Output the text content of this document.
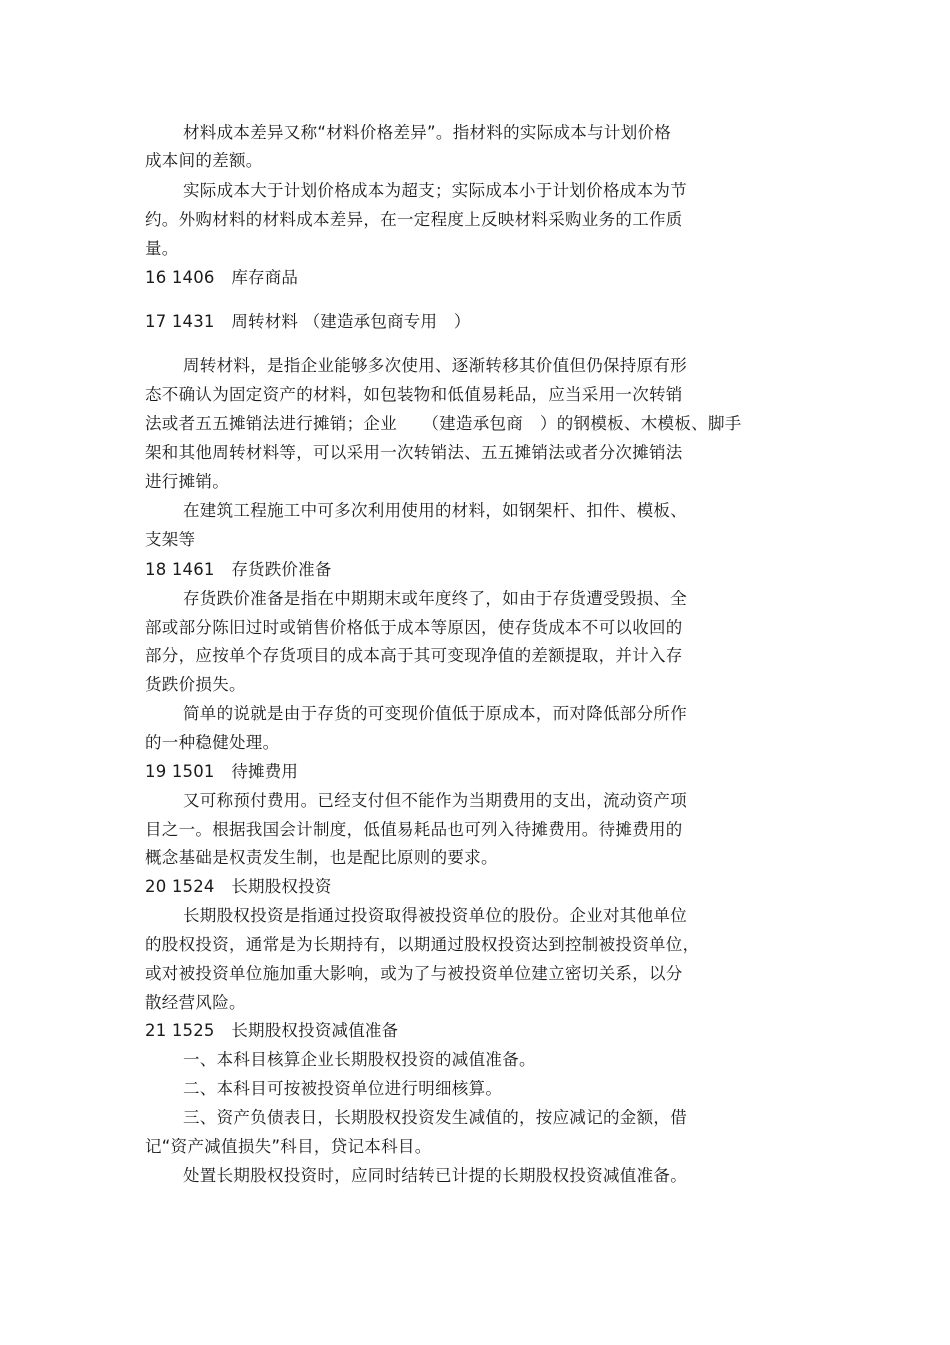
材料成本差异又称“材料价格差异”。指材料的实际成本与计划价格
成本间的差额。
实际成本大于计划价格成本为超支；实际成本小于计划价格成本为节
约。外购材料的材料成本差异，在一定程度上反映材料采购业务的工作质
量。
16 1406　库存商品
17 1431　周转材料 （建造承包商专用　）
周转材料，是指企业能够多次使用、逐渐转移其价值但仍保持原有形
态不确认为固定资产的材料，如包装物和低值易耗品，应当采用一次转销
法或者五五摊销法进行摊销；企业　　（建造承包商　）的钢模板、木模板、脚手
架和其他周转材料等，可以采用一次转销法、五五摊销法或者分次摊销法
进行摊销。
在建筑工程施工中可多次利用使用的材料，如钢架杆、扣件、模板、
支架等
18 1461　存货跌价准备
存货跌价准备是指在中期期末或年度终了，如由于存货遭受毁损、全
部或部分陈旧过时或销售价格低于成本等原因，使存货成本不可以收回的
部分，应按单个存货项目的成本高于其可变现净值的差额提取，并计入存
货跌价损失。
简单的说就是由于存货的可变现价值低于原成本，而对降低部分所作
的一种稳健处理。
19 1501　待摊费用
又可称预付费用。已经支付但不能作为当期费用的支出，流动资产项
目之一。根据我国会计制度，低值易耗品也可列入待摊费用。待摊费用的
概念基础是权责发生制，也是配比原则的要求。
20 1524　长期股权投资
长期股权投资是指通过投资取得被投资单位的股份。企业对其他单位
的股权投资，通常是为长期持有，以期通过股权投资达到控制被投资单位，
或对被投资单位施加重大影响，或为了与被投资单位建立密切关系，以分
散经营风险。
21 1525　长期股权投资减值准备
一、本科目核算企业长期股权投资的减值准备。
二、本科目可按被投资单位进行明细核算。
三、资产负债表日，长期股权投资发生减值的，按应减记的金额，借
记“资产减值损失”科目，贷记本科目。
处置长期股权投资时，应同时结转已计提的长期股权投资减值准备。
